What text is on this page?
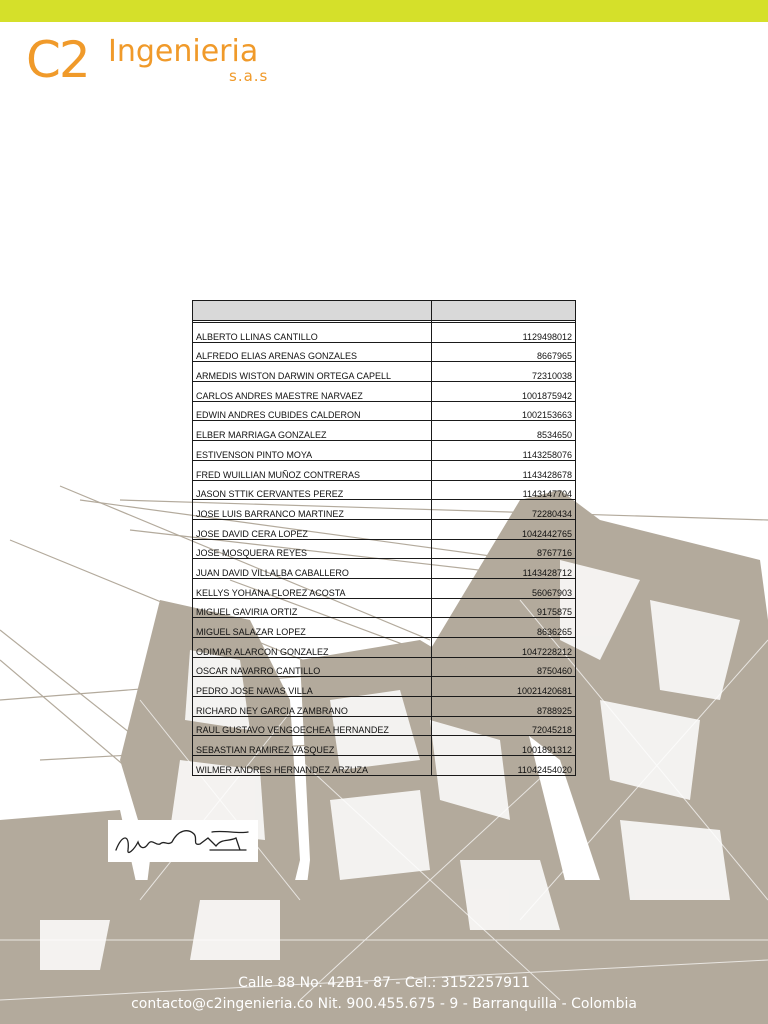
C2 Ingenieria
s.a.s

ALBERTO LLINAS CANTILLO	1129498012
ALFREDO ELIAS ARENAS GONZALES	8667965
ARMEDIS WISTON DARWIN ORTEGA CAPELL	72310038
CARLOS ANDRES MAESTRE NARVAEZ	1001875942
EDWIN ANDRES CUBIDES CALDERON	1002153663
ELBER MARRIAGA GONZALEZ	8534650
ESTIVENSON PINTO MOYA	1143258076
FRED WUILLIAN MUÑOZ CONTRERAS	1143428678
JASON STTIK CERVANTES PEREZ	1143147704
JOSE LUIS BARRANCO MARTINEZ	72280434
JOSE DAVID CERA LOPEZ	1042442765
JOSE MOSQUERA REYES	8767716
JUAN DAVID VILLALBA CABALLERO	1143428712
KELLYS YOHANA FLOREZ ACOSTA	56067903
MIGUEL GAVIRIA ORTIZ	9175875
MIGUEL SALAZAR LOPEZ	8636265
ODIMAR ALARCON GONZALEZ	1047228212
OSCAR NAVARRO CANTILLO	8750460
PEDRO JOSE NAVAS VILLA	10021420681
RICHARD NEY GARCIA ZAMBRANO	8788925
RAUL GUSTAVO VENGOECHEA HERNANDEZ	72045218
SEBASTIAN RAMIREZ VASQUEZ	1001891312
WILMER ANDRES HERNANDEZ ARZUZA	11042454020
Calle 88 No. 42B1- 87 - Cel.: 3152257911
contacto@c2ingenieria.co Nit. 900.455.675 - 9 - Barranquilla - Colombia
